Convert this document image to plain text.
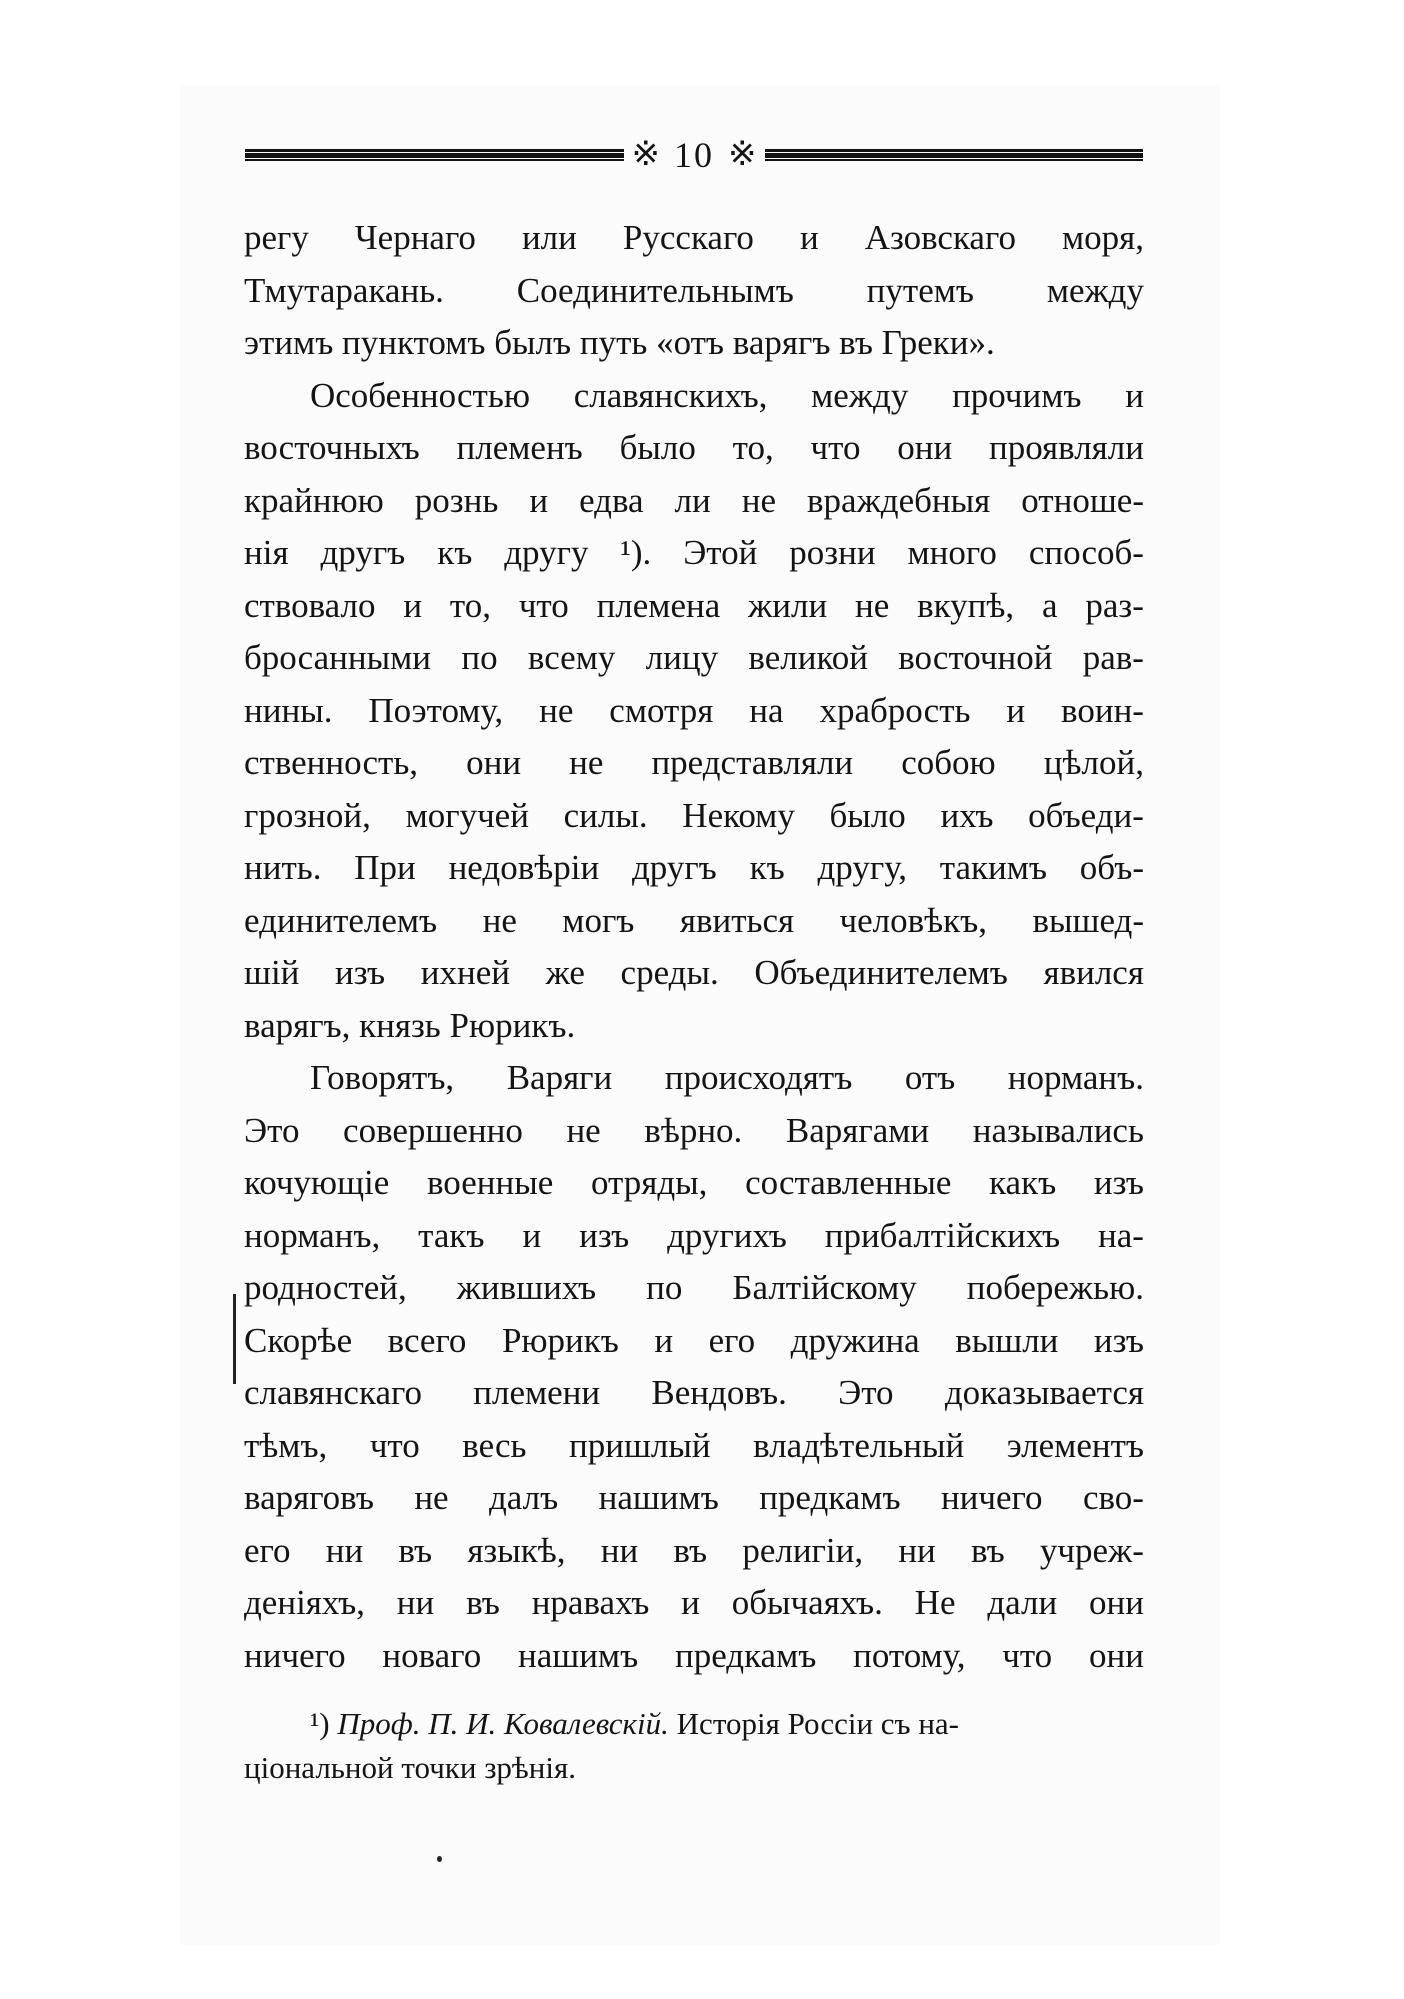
※ 10 ※
регу Чернаго или Русскаго и Азовскаго моря,
Тмутаракань. Соединительнымъ путемъ между
этимъ пунктомъ былъ путь «отъ варягъ въ Греки».
Особенностью славянскихъ, между прочимъ и
восточныхъ племенъ было то, что они проявляли
крайнюю рознь и едва ли не враждебныя отноше-
нія другъ къ другу ¹). Этой розни много способ-
ствовало и то, что племена жили не вкупѣ, а раз-
бросанными по всему лицу великой восточной рав-
нины. Поэтому, не смотря на храбрость и воин-
ственность, они не представляли собою цѣлой,
грозной, могучей силы. Некому было ихъ объеди-
нить. При недовѣріи другъ къ другу, такимъ объ-
единителемъ не могъ явиться человѣкъ, вышед-
шій изъ ихней же среды. Объединителемъ явился
варягъ, князь Рюрикъ.
Говорятъ, Варяги происходятъ отъ норманъ.
Это совершенно не вѣрно. Варягами назывались
кочующіе военные отряды, составленные какъ изъ
норманъ, такъ и изъ другихъ прибалтійскихъ на-
родностей, жившихъ по Балтійскому побережью.
Скорѣе всего Рюрикъ и его дружина вышли изъ
славянскаго племени Вендовъ. Это доказывается
тѣмъ, что весь пришлый владѣтельный элементъ
варяговъ не далъ нашимъ предкамъ ничего сво-
его ни въ языкѣ, ни въ религіи, ни въ учреж-
деніяхъ, ни въ нравахъ и обычаяхъ. Не дали они
ничего новаго нашимъ предкамъ потому, что они
¹) Проф. П. И. Ковалевскій. Исторія Россіи съ на-
ціональной точки зрѣнія.
